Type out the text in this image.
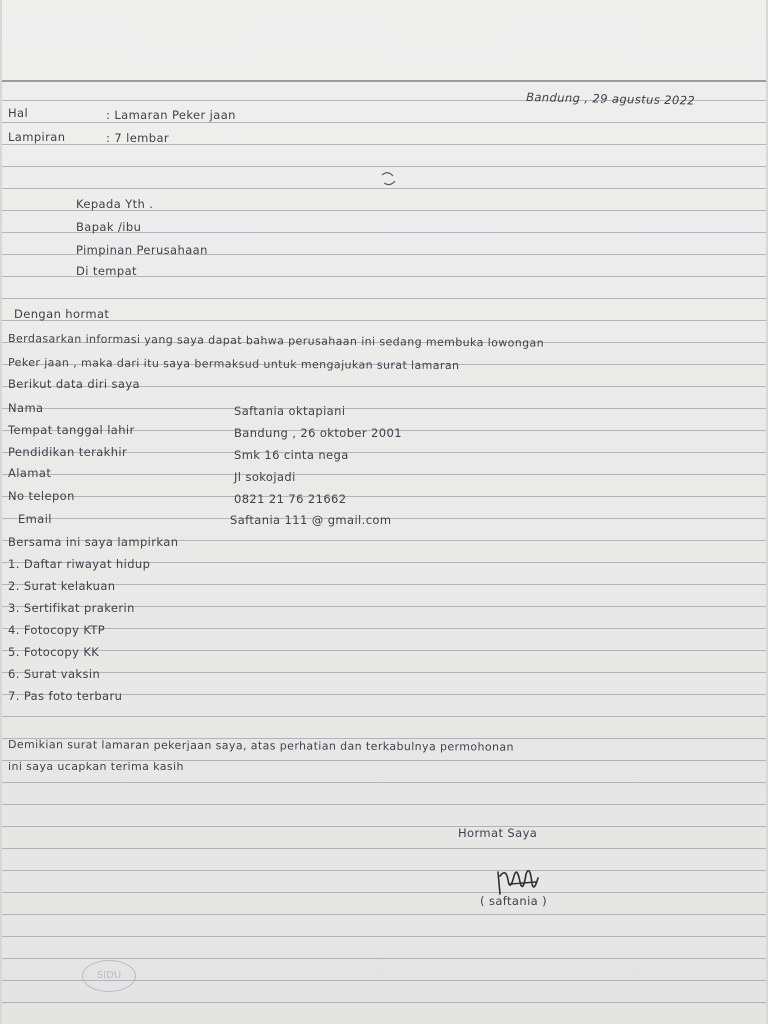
Bandung , 29 agustus 2022
Hal	: Lamaran Peker jaan
Lampiran	: 7 lembar
Kepada Yth .
Bapak /ibu
Pimpinan Perusahaan
Di tempat
Dengan hormat
Berdasarkan informasi yang saya dapat bahwa perusahaan ini sedang membuka lowongan
Peker jaan , maka dari itu saya bermaksud untuk mengajukan surat lamaran
Berikut data diri saya
Nama	Saftania oktapiani
Tempat tanggal lahir	Bandung , 26 oktober 2001
Pendidikan terakhir	Smk 16 cinta nega
Alamat	Jl sokojadi
No telepon	0821 21 76 21662
Email	Saftania 111 @ gmail.com
Bersama ini saya lampirkan
1. Daftar riwayat hidup
2. Surat kelakuan
3. Sertifikat prakerin
4. Fotocopy KTP
5. Fotocopy KK
6. Surat vaksin
7. Pas foto terbaru
Demikian surat lamaran pekerjaan saya, atas perhatian dan terkabulnya permohonan
ini saya ucapkan terima kasih
Hormat Saya
( saftania )
SIDU
